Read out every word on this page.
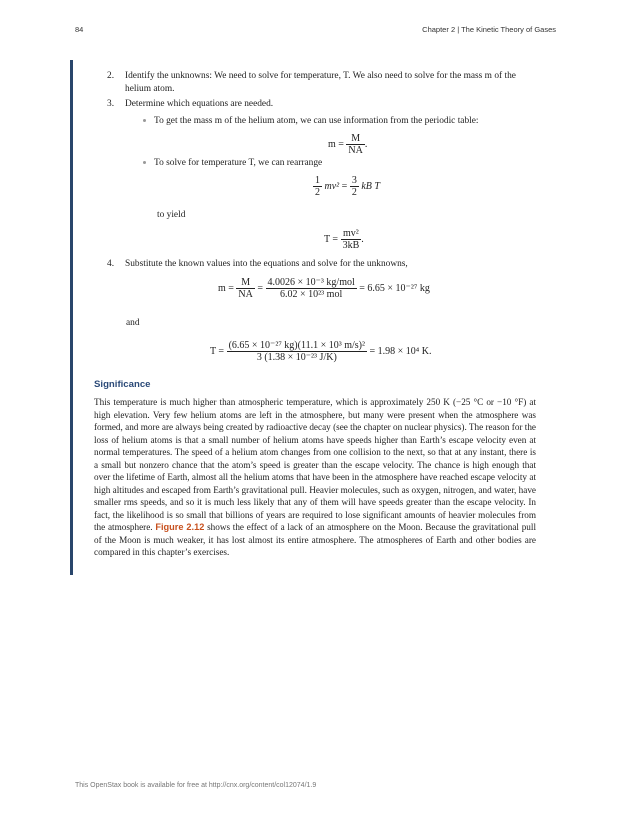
84	Chapter 2 | The Kinetic Theory of Gases
2. Identify the unknowns: We need to solve for temperature, T. We also need to solve for the mass m of the helium atom.
3. Determine which equations are needed.
To get the mass m of the helium atom, we can use information from the periodic table:
$m = \frac{M}{NA}$ .
To solve for temperature T, we can rearrange
$\frac{1}{2} mv^2 = \frac{3}{2}$ kB T
to yield
$T = \frac{\text{mv²}}{3kB}$ .
4. Substitute the known values into the equations and solve for the unknowns,
$m = \frac{M}{NA} = \frac{\text{4.0026 × 10⁻³ kg/mol}}{\text{6.02 × 10²³ mol}} = 6.65 \times 10^{-27}$ kg
and
$T = \frac{\text{(6.65 × 10⁻²⁷ kg)(11.1 × 10³ m/s)²}}{\text{3 (1.38 × 10⁻²³ J/K)}} = 1.98 \times 10^4$ K.
Significance
This temperature is much higher than atmospheric temperature, which is approximately 250 K (−25 °C or −10 °F) at high elevation. Very few helium atoms are left in the atmosphere, but many were present when the atmosphere was formed, and more are always being created by radioactive decay (see the chapter on nuclear physics). The reason for the loss of helium atoms is that a small number of helium atoms have speeds higher than Earth’s escape velocity even at normal temperatures. The speed of a helium atom changes from one collision to the next, so that at any instant, there is a small but nonzero chance that the atom’s speed is greater than the escape velocity. The chance is high enough that over the lifetime of Earth, almost all the helium atoms that have been in the atmosphere have reached escape velocity at high altitudes and escaped from Earth’s gravitational pull. Heavier molecules, such as oxygen, nitrogen, and water, have smaller rms speeds, and so it is much less likely that any of them will have speeds greater than the escape velocity. In fact, the likelihood is so small that billions of years are required to lose significant amounts of heavier molecules from the atmosphere. Figure 2.12 shows the effect of a lack of an atmosphere on the Moon. Because the gravitational pull of the Moon is much weaker, it has lost almost its entire atmosphere. The atmospheres of Earth and other bodies are compared in this chapter’s exercises.
This OpenStax book is available for free at http://cnx.org/content/col12074/1.9
